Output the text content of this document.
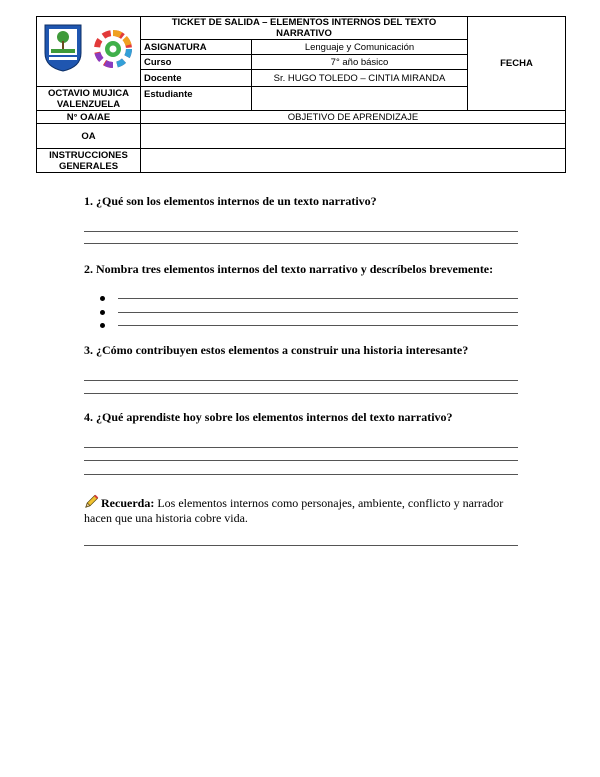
	TICKET DE SALIDA – ELEMENTOS INTERNOS DEL TEXTO NARRATIVO		FECHA
	ASIGNATURA	Lenguaje y Comunicación	
	Curso	7° año básico	
	Docente	Sr. HUGO TOLEDO – CINTIA MIRANDA	
OCTAVIO MUJICA VALENZUELA	Estudiante		
N° OA/AE	OBJETIVO DE APRENDIZAJE		
OA			
INSTRUCCIONES GENERALES			
1. ¿Qué son los elementos internos de un texto narrativo?
2. Nombra tres elementos internos del texto narrativo y descríbelos brevemente:
3. ¿Cómo contribuyen estos elementos a construir una historia interesante?
4. ¿Qué aprendiste hoy sobre los elementos internos del texto narrativo?
Recuerda: Los elementos internos como personajes, ambiente, conflicto y narrador hacen que una historia cobre vida.
